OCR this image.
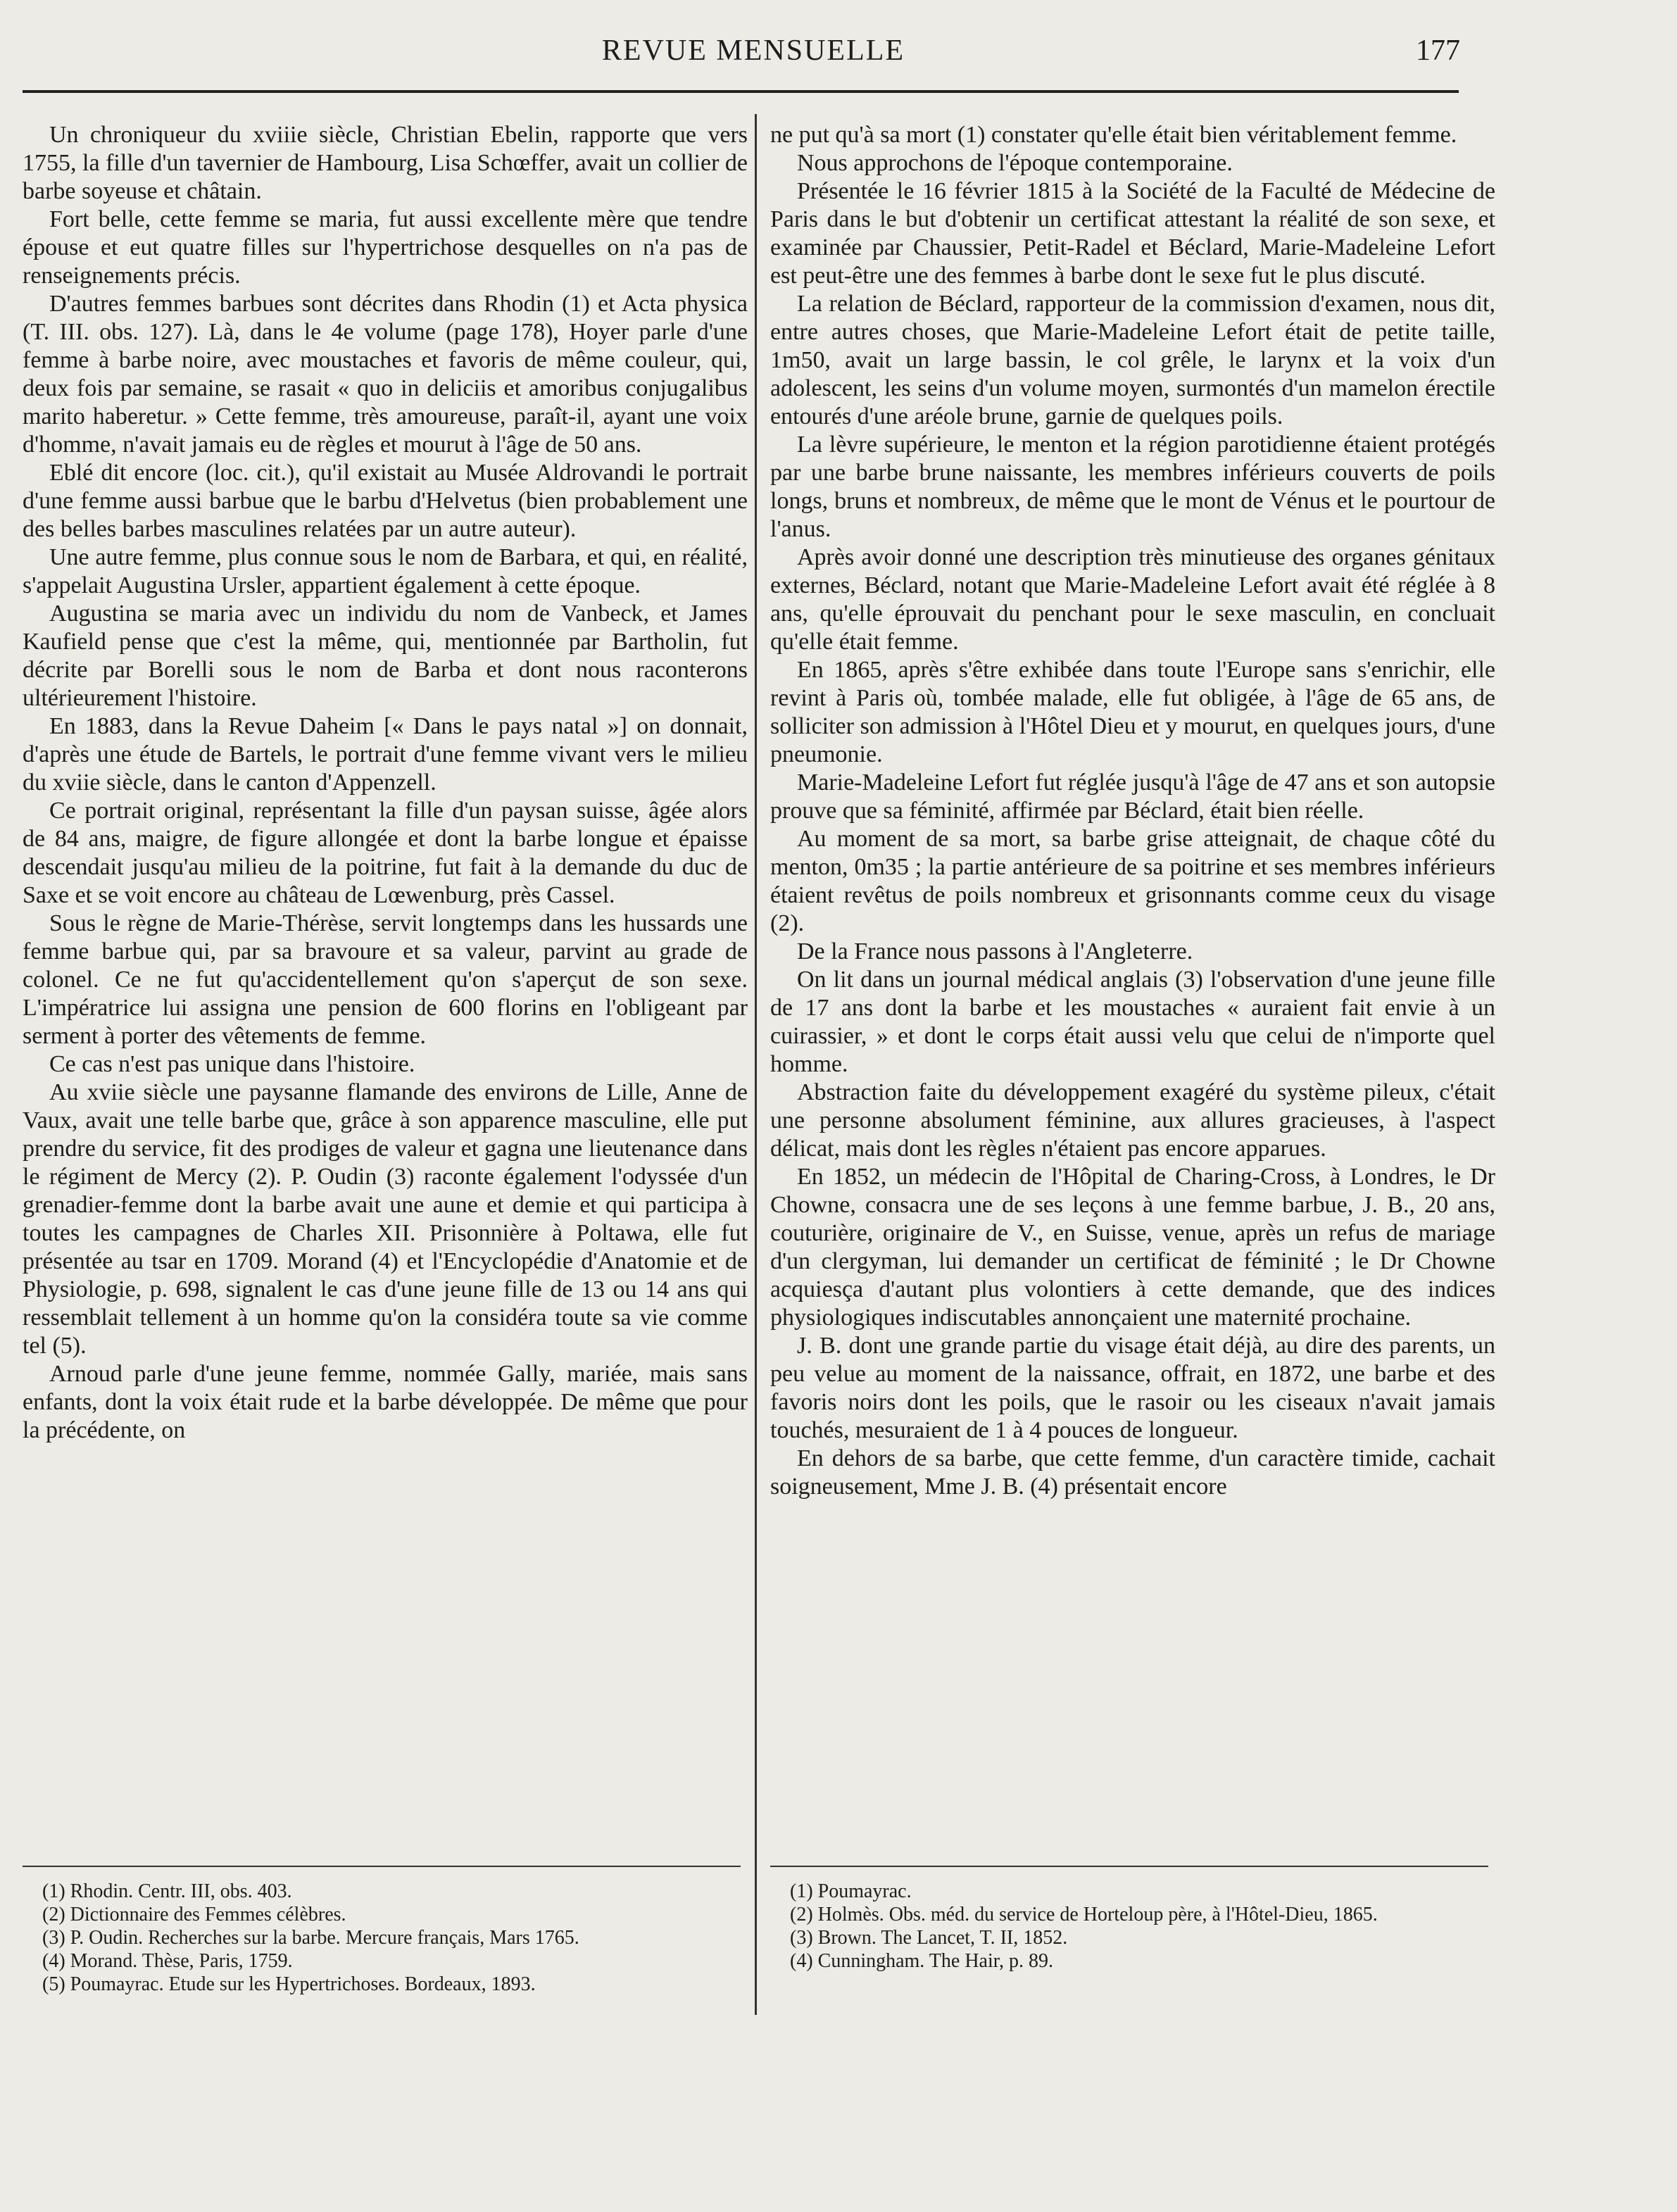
REVUE MENSUELLE	177

Un chroniqueur du xviiie siècle, Christian Ebelin, rapporte que vers 1755, la fille d'un tavernier de Hambourg, Lisa Schœffer, avait un collier de barbe soyeuse et châtain.

Fort belle, cette femme se maria, fut aussi excellente mère que tendre épouse et eut quatre filles sur l'hypertrichose desquelles on n'a pas de renseignements précis.

D'autres femmes barbues sont décrites dans Rhodin (1) et Acta physica (T. III. obs. 127). Là, dans le 4e volume (page 178), Hoyer parle d'une femme à barbe noire, avec moustaches et favoris de même couleur, qui, deux fois par semaine, se rasait « quo in deliciis et amoribus conjugalibus marito haberetur. » Cette femme, très amoureuse, paraît-il, ayant une voix d'homme, n'avait jamais eu de règles et mourut à l'âge de 50 ans.

Eblé dit encore (loc. cit.), qu'il existait au Musée Aldrovandi le portrait d'une femme aussi barbue que le barbu d'Helvetus (bien probablement une des belles barbes masculines relatées par un autre auteur).

Une autre femme, plus connue sous le nom de Barbara, et qui, en réalité, s'appelait Augustina Ursler, appartient également à cette époque.

Augustina se maria avec un individu du nom de Vanbeck, et James Kaufield pense que c'est la même, qui, mentionnée par Bartholin, fut décrite par Borelli sous le nom de Barba et dont nous raconterons ultérieurement l'histoire.

En 1883, dans la Revue Daheim [« Dans le pays natal »] on donnait, d'après une étude de Bartels, le portrait d'une femme vivant vers le milieu du xviie siècle, dans le canton d'Appenzell.

Ce portrait original, représentant la fille d'un paysan suisse, âgée alors de 84 ans, maigre, de figure allongée et dont la barbe longue et épaisse descendait jusqu'au milieu de la poitrine, fut fait à la demande du duc de Saxe et se voit encore au château de Lœwenburg, près Cassel.

Sous le règne de Marie-Thérèse, servit longtemps dans les hussards une femme barbue qui, par sa bravoure et sa valeur, parvint au grade de colonel. Ce ne fut qu'accidentellement qu'on s'aperçut de son sexe. L'impératrice lui assigna une pension de 600 florins en l'obligeant par serment à porter des vêtements de femme.

Ce cas n'est pas unique dans l'histoire.

Au xviie siècle une paysanne flamande des environs de Lille, Anne de Vaux, avait une telle barbe que, grâce à son apparence masculine, elle put prendre du service, fit des prodiges de valeur et gagna une lieutenance dans le régiment de Mercy (2). P. Oudin (3) raconte également l'odyssée d'un grenadier-femme dont la barbe avait une aune et demie et qui participa à toutes les campagnes de Charles XII. Prisonnière à Poltawa, elle fut présentée au tsar en 1709. Morand (4) et l'Encyclopédie d'Anatomie et de Physiologie, p. 698, signalent le cas d'une jeune fille de 13 ou 14 ans qui ressemblait tellement à un homme qu'on la considéra toute sa vie comme tel (5).

Arnoud parle d'une jeune femme, nommée Gally, mariée, mais sans enfants, dont la voix était rude et la barbe développée. De même que pour la précédente, on

ne put qu'à sa mort (1) constater qu'elle était bien véritablement femme.

Nous approchons de l'époque contemporaine.

Présentée le 16 février 1815 à la Société de la Faculté de Médecine de Paris dans le but d'obtenir un certificat attestant la réalité de son sexe, et examinée par Chaussier, Petit-Radel et Béclard, Marie-Madeleine Lefort est peut-être une des femmes à barbe dont le sexe fut le plus discuté.

La relation de Béclard, rapporteur de la commission d'examen, nous dit, entre autres choses, que Marie-Madeleine Lefort était de petite taille, 1m50, avait un large bassin, le col grêle, le larynx et la voix d'un adolescent, les seins d'un volume moyen, surmontés d'un mamelon érectile entourés d'une aréole brune, garnie de quelques poils.

La lèvre supérieure, le menton et la région parotidienne étaient protégés par une barbe brune naissante, les membres inférieurs couverts de poils longs, bruns et nombreux, de même que le mont de Vénus et le pourtour de l'anus.

Après avoir donné une description très minutieuse des organes génitaux externes, Béclard, notant que Marie-Madeleine Lefort avait été réglée à 8 ans, qu'elle éprouvait du penchant pour le sexe masculin, en concluait qu'elle était femme.

En 1865, après s'être exhibée dans toute l'Europe sans s'enrichir, elle revint à Paris où, tombée malade, elle fut obligée, à l'âge de 65 ans, de solliciter son admission à l'Hôtel Dieu et y mourut, en quelques jours, d'une pneumonie.

Marie-Madeleine Lefort fut réglée jusqu'à l'âge de 47 ans et son autopsie prouve que sa féminité, affirmée par Béclard, était bien réelle.

Au moment de sa mort, sa barbe grise atteignait, de chaque côté du menton, 0m35 ; la partie antérieure de sa poitrine et ses membres inférieurs étaient revêtus de poils nombreux et grisonnants comme ceux du visage (2).

De la France nous passons à l'Angleterre.

On lit dans un journal médical anglais (3) l'observation d'une jeune fille de 17 ans dont la barbe et les moustaches « auraient fait envie à un cuirassier, » et dont le corps était aussi velu que celui de n'importe quel homme.

Abstraction faite du développement exagéré du système pileux, c'était une personne absolument féminine, aux allures gracieuses, à l'aspect délicat, mais dont les règles n'étaient pas encore apparues.

En 1852, un médecin de l'Hôpital de Charing-Cross, à Londres, le Dr Chowne, consacra une de ses leçons à une femme barbue, J. B., 20 ans, couturière, originaire de V., en Suisse, venue, après un refus de mariage d'un clergyman, lui demander un certificat de féminité ; le Dr Chowne acquiesça d'autant plus volontiers à cette demande, que des indices physiologiques indiscutables annonçaient une maternité prochaine.

J. B. dont une grande partie du visage était déjà, au dire des parents, un peu velue au moment de la naissance, offrait, en 1872, une barbe et des favoris noirs dont les poils, que le rasoir ou les ciseaux n'avait jamais touchés, mesuraient de 1 à 4 pouces de longueur.

En dehors de sa barbe, que cette femme, d'un caractère timide, cachait soigneusement, Mme J. B. (4) présentait encore

(1) Rhodin. Centr. III, obs. 403.

(2) Dictionnaire des Femmes célèbres.

(3) P. Oudin. Recherches sur la barbe. Mercure français, Mars 1765.

(4) Morand. Thèse, Paris, 1759.

(5) Poumayrac. Etude sur les Hypertrichoses. Bordeaux, 1893.

(1) Poumayrac.

(2) Holmès. Obs. méd. du service de Horteloup père, à l'Hôtel-Dieu, 1865.

(3) Brown. The Lancet, T. II, 1852.

(4) Cunningham. The Hair, p. 89.
